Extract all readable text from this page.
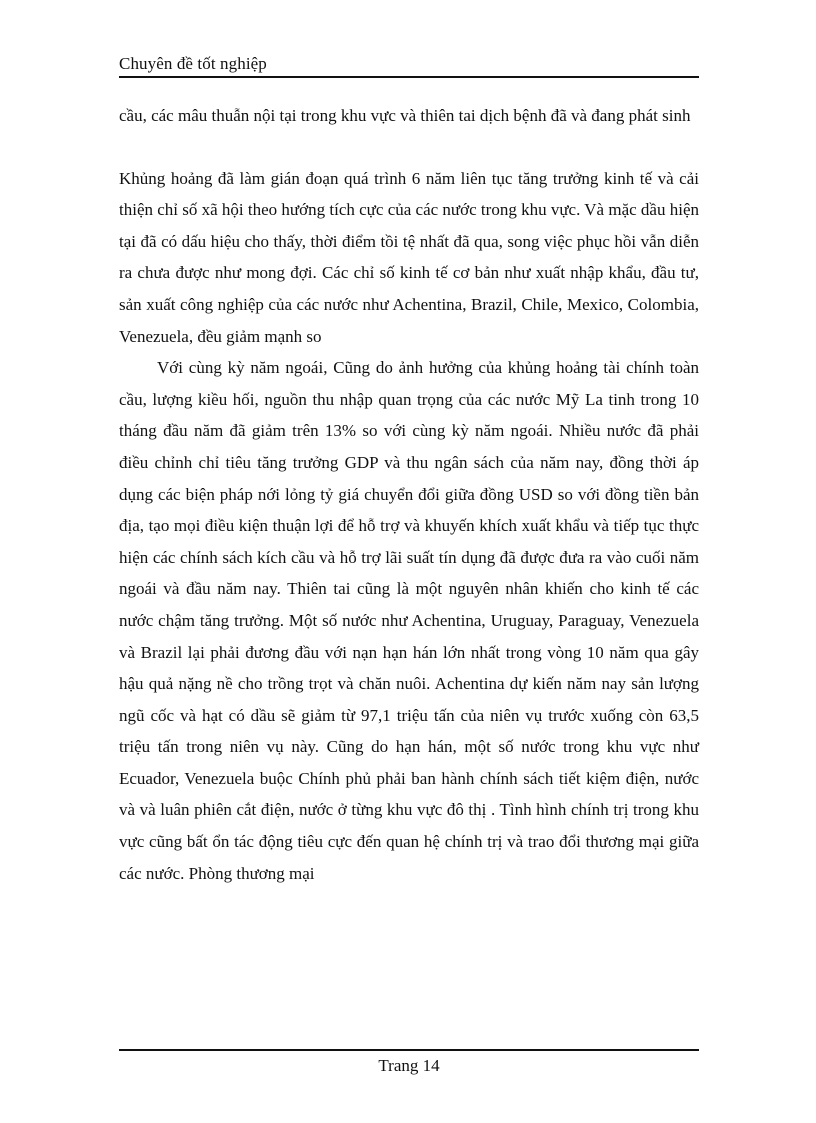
Chuyên đề tốt nghiệp

cầu, các mâu thuẫn nội tại trong khu vực và thiên tai dịch bệnh đã và đang phát sinh

Khủng hoảng đã làm gián đoạn quá trình 6 năm liên tục tăng trưởng kinh tế và cải thiện chỉ số xã hội theo hướng tích cực của các nước trong khu vực. Và mặc dầu hiện tại đã có dấu hiệu cho thấy, thời điểm tồi tệ nhất đã qua, song việc phục hồi vẫn diễn ra chưa được như mong đợi. Các chỉ số kinh tế cơ bản như xuất nhập khẩu, đầu tư, sản xuất công nghiệp của các nước như Achentina, Brazil, Chile, Mexico, Colombia, Venezuela, đều giảm mạnh so

Với cùng kỳ năm ngoái, Cũng do ảnh hưởng của khủng hoảng tài chính toàn cầu, lượng kiều hối, nguồn thu nhập quan trọng của các nước Mỹ La tinh trong 10 tháng đầu năm đã giảm trên 13% so với cùng kỳ năm ngoái. Nhiều nước đã phải điều chỉnh chỉ tiêu tăng trưởng GDP và thu ngân sách của năm nay, đồng thời áp dụng các biện pháp nới lỏng tỷ giá chuyển đổi giữa đồng USD so với đồng tiền bản địa, tạo mọi điều kiện thuận lợi để hỗ trợ và khuyến khích xuất khẩu và tiếp tục thực hiện các chính sách kích cầu và hỗ trợ lãi suất tín dụng đã được đưa ra vào cuối năm ngoái và đầu năm nay. Thiên tai cũng là một nguyên nhân khiến cho kinh tế các nước chậm tăng trưởng. Một số nước như Achentina, Uruguay, Paraguay, Venezuela và Brazil lại phải đương đầu với nạn hạn hán lớn nhất trong vòng 10 năm qua gây hậu quả nặng nề cho trồng trọt và chăn nuôi. Achentina dự kiến năm nay sản lượng ngũ cốc và hạt có dầu sẽ giảm từ 97,1 triệu tấn của niên vụ trước xuống còn 63,5 triệu tấn trong niên vụ này. Cũng do hạn hán, một số nước trong khu vực như Ecuador, Venezuela buộc Chính phủ phải ban hành chính sách tiết kiệm điện, nước và và luân phiên cắt điện, nước ở từng khu vực đô thị . Tình hình chính trị trong khu vực cũng bất ổn tác động tiêu cực đến quan hệ chính trị và trao đổi thương mại giữa các nước. Phòng thương mại

Trang 14
